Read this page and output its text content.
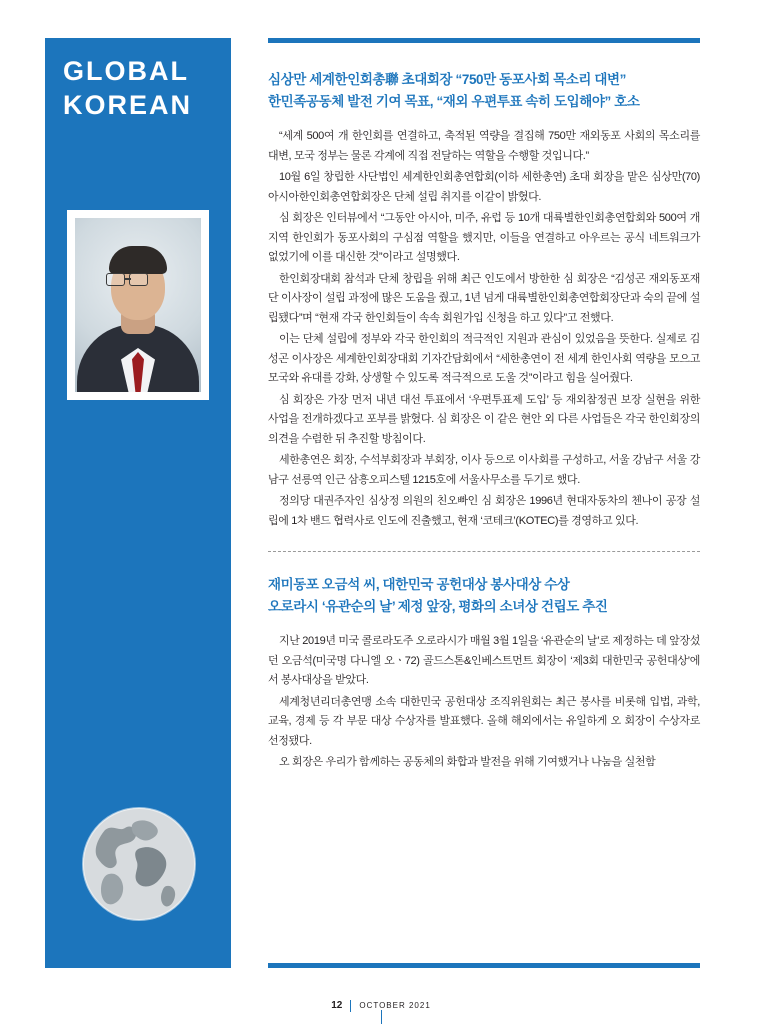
GLOBAL
KOREAN
심상만 세계한인회총聯 초대회장 “750만 동포사회 목소리 대변”
한민족공동체 발전 기여 목표, “재외 우편투표 속히 도입해야” 호소

“세계 500여 개 한인회를 연결하고, 축적된 역량을 결집해 750만 재외동포 사회의 목소리를 대변, 모국 정부는 물론 각계에 직접 전달하는 역할을 수행할 것입니다.”

10월 6일 창립한 사단법인 세계한인회총연합회(이하 세한총연) 초대 회장을 맡은 심상만(70) 아시아한인회총연합회장은 단체 설립 취지를 이같이 밝혔다.

심 회장은 인터뷰에서 “그동안 아시아, 미주, 유럽 등 10개 대륙별한인회총연합회와 500여 개 지역 한인회가 동포사회의 구심점 역할을 했지만, 이들을 연결하고 아우르는 공식 네트워크가 없었기에 이를 대신한 것”이라고 설명했다.

한인회장대회 참석과 단체 창립을 위해 최근 인도에서 방한한 심 회장은 “김성곤 재외동포재단 이사장이 설립 과정에 많은 도움을 줬고, 1년 넘게 대륙별한인회총연합회장단과 숙의 끝에 설립됐다”며 “현재 각국 한인회들이 속속 회원가입 신청을 하고 있다”고 전했다.

이는 단체 설립에 정부와 각국 한인회의 적극적인 지원과 관심이 있었음을 뜻한다. 실제로 김성곤 이사장은 세계한인회장대회 기자간담회에서 “세한총연이 전 세계 한인사회 역량을 모으고 모국와 유대를 강화, 상생할 수 있도록 적극적으로 도울 것”이라고 힘을 실어줬다.

심 회장은 가장 먼저 내년 대선 투표에서 ‘우편투표제 도입’ 등 재외참정권 보장 실현을 위한 사업을 전개하겠다고 포부를 밝혔다. 심 회장은 이 같은 현안 외 다른 사업들은 각국 한인회장의 의견을 수렴한 뒤 추진할 방침이다.

세한총연은 회장, 수석부회장과 부회장, 이사 등으로 이사회를 구성하고, 서울 강남구 서울 강남구 선릉역 인근 삼흥오피스텔 1215호에 서울사무소를 두기로 했다.

정의당 대권주자인 심상정 의원의 친오빠인 심 회장은 1996년 현대자동차의 첸나이 공장 설립에 1차 밴드 협력사로 인도에 진출했고, 현재 ‘코테크’(KOTEC)를 경영하고 있다.

재미동포 오금석 씨, 대한민국 공헌대상 봉사대상 수상
오로라시 ‘유관순의 날’ 제정 앞장, 평화의 소녀상 건립도 추진

지난 2019년 미국 콜로라도주 오로라시가 매월 3월 1일을 ‘유관순의 날’로 제정하는 데 앞장섰던 오금석(미국명 다니엘 오ㆍ72) 골드스톤&인베스트먼트 회장이 ‘제3회 대한민국 공헌대상’에서 봉사대상을 받았다.

세계청년리더총연맹 소속 대한민국 공헌대상 조직위원회는 최근 봉사를 비롯해 입법, 과학, 교육, 경제 등 각 부문 대상 수상자를 발표했다. 올해 해외에서는 유일하게 오 회장이 수상자로 선정됐다.

오 회장은 우리가 함께하는 공동체의 화합과 발전을 위해 기여했거나 나눔을 실천함

12 OCTOBER 2021
